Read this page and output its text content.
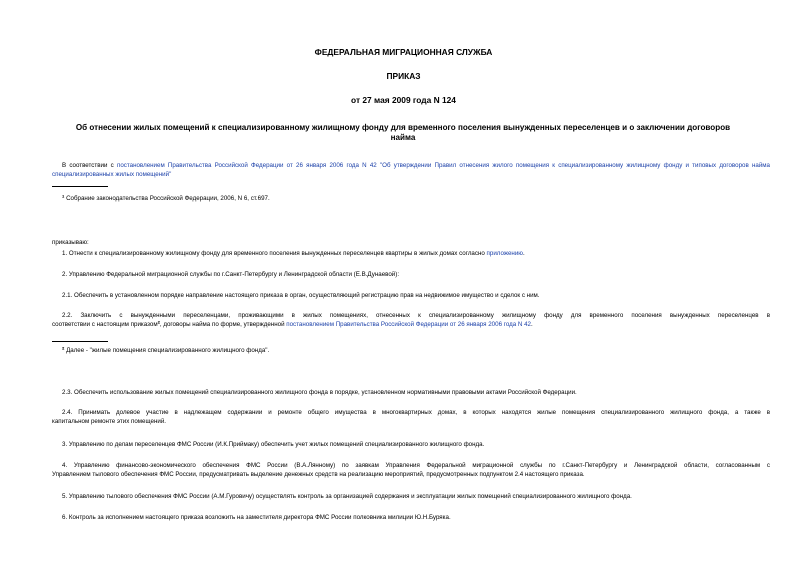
ФЕДЕРАЛЬНАЯ МИГРАЦИОННАЯ СЛУЖБА
ПРИКАЗ
от 27 мая 2009 года N 124
Об отнесении жилых помещений к специализированному жилищному фонду для временного поселения вынужденных переселенцев и о заключении договоров
найма
В соответствии с постановлением Правительства Российской Федерации от 26 января 2006 года N 42 "Об утверждении Правил отнесения жилого помещения к специализированному жилищному фонду и типовых договоров найма специализированных жилых помещений"
¹ Собрание законодательства Российской Федерации, 2006, N 6, ст.697.
приказываю:
1. Отнести к специализированному жилищному фонду для временного поселения вынужденных переселенцев квартиры в жилых домах согласно приложению.
2. Управлению Федеральной миграционной службы по г.Санкт-Петербургу и Ленинградской области (Е.В.Дунаевой):
2.1. Обеспечить в установленном порядке направление настоящего приказа в орган, осуществляющий регистрацию прав на недвижимое имущество и сделок с ним.
2.2. Заключить с вынужденными переселенцами, проживающими в жилых помещениях, отнесенных к специализированному жилищному фонду для временного поселения вынужденных переселенцев в
соответствии с настоящим приказом², договоры найма по форме, утвержденной постановлением Правительства Российской Федерации от 26 января 2006 года N 42.
² Далее - "жилые помещения специализированного жилищного фонда".
2.3. Обеспечить использование жилых помещений специализированного жилищного фонда в порядке, установленном нормативными правовыми актами Российской Федерации.
2.4. Принимать долевое участие в надлежащем содержании и ремонте общего имущества в многоквартирных домах, в которых находятся жилые помещения специализированного жилищного фонда, а также в
капитальном ремонте этих помещений.
3. Управлению по делам переселенцев ФМС России (И.К.Приймаку) обеспечить учет жилых помещений специализированного жилищного фонда.
4. Управлению финансово-экономического обеспечения ФМС России (В.А.Лянному) по заявкам Управления Федеральной миграционной службы по г.Санкт-Петербургу и Ленинградской области, согласованным с
Управлением тылового обеспечения ФМС России, предусматривать выделение денежных средств на реализацию мероприятий, предусмотренных подпунктом 2.4 настоящего приказа.
5. Управлению тылового обеспечения ФМС России (А.М.Гуровичу) осуществлять контроль за организацией содержания и эксплуатации жилых помещений специализированного жилищного фонда.
6. Контроль за исполнением настоящего приказа возложить на заместителя директора ФМС России полковника милиции Ю.Н.Буряка.
